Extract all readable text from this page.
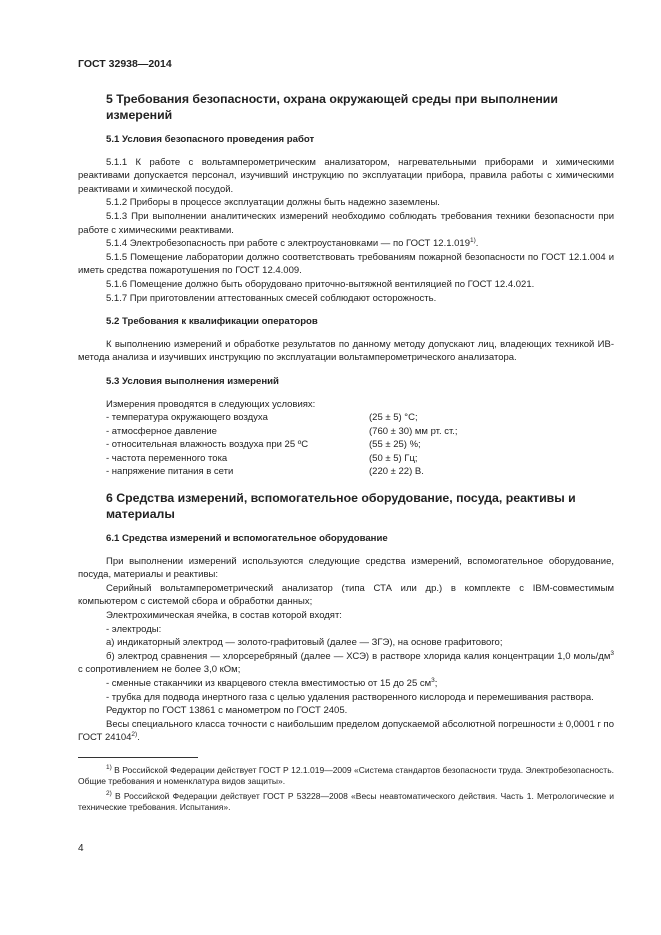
ГОСТ 32938—2014
5 Требования безопасности, охрана окружающей среды при выполнении измерений
5.1 Условия безопасного проведения работ

5.1.1 К работе с вольтамперометрическим анализатором, нагревательными приборами и химическими реактивами допускается персонал, изучивший инструкцию по эксплуатации прибора, правила работы с химическими реактивами и химической посудой.

5.1.2 Приборы в процессе эксплуатации должны быть надежно заземлены.

5.1.3 При выполнении аналитических измерений необходимо соблюдать требования техники безопасности при работе с химическими реактивами.

5.1.4 Электробезопасность при работе с электроустановками — по ГОСТ 12.1.019$^{1)}$.

5.1.5 Помещение лаборатории должно соответствовать требованиям пожарной безопасности по ГОСТ 12.1.004 и иметь средства пожаротушения по ГОСТ 12.4.009.

5.1.6 Помещение должно быть оборудовано приточно-вытяжной вентиляцией по ГОСТ 12.4.021.

5.1.7 При приготовлении аттестованных смесей соблюдают осторожность.

5.2 Требования к квалификации операторов

К выполнению измерений и обработке результатов по данному методу допускают лиц, владеющих техникой ИВ-метода анализа и изучивших инструкцию по эксплуатации вольтамперометрического анализатора.

5.3 Условия выполнения измерений

Измерения проводятся в следующих условиях:

- температура окружающего воздуха	(25 ± 5) °С;
- атмосферное давление	(760 ± 30) мм рт. ст.;
- относительная влажность воздуха при 25 ºС	(55 ± 25) %;
- частота переменного тока	(50 ± 5) Гц;
- напряжение питания в сети	(220 ± 22) В.
6 Средства измерений, вспомогательное оборудование, посуда, реактивы и материалы
6.1 Средства измерений и вспомогательное оборудование

При выполнении измерений используются следующие средства измерений, вспомогательное оборудование, посуда, материалы и реактивы:

Серийный вольтамперометрический анализатор (типа СТА или др.) в комплекте с IBM-совместимым компьютером с системой сбора и обработки данных;

Электрохимическая ячейка, в состав которой входят:

- электроды:

а) индикаторный электрод — золото-графитовый (далее — ЗГЭ), на основе графитового;

б) электрод сравнения — хлорсеребряный (далее — ХСЭ) в растворе хлорида калия концентрации 1,0 моль/$дм^3$ с сопротивлением не более 3,0 кОм;

- сменные стаканчики из кварцевого стекла вместимостью от 15 до 25 $см^3$;

- трубка для подвода инертного газа с целью удаления растворенного кислорода и перемешивания раствора.

Редуктор по ГОСТ 13861 с манометром по ГОСТ 2405.

Весы специального класса точности с наибольшим пределом допускаемой абсолютной погрешности ± 0,0001 г по ГОСТ 24104$^{2)}$.

$^{1)}$ В Российской Федерации действует ГОСТ Р 12.1.019—2009 «Система стандартов безопасности труда. Электробезопасность. Общие требования и номенклатура видов защиты».

$^{2)}$ В Российской Федерации действует ГОСТ Р 53228—2008 «Весы неавтоматического действия. Часть 1. Метрологические и технические требования. Испытания».

4
